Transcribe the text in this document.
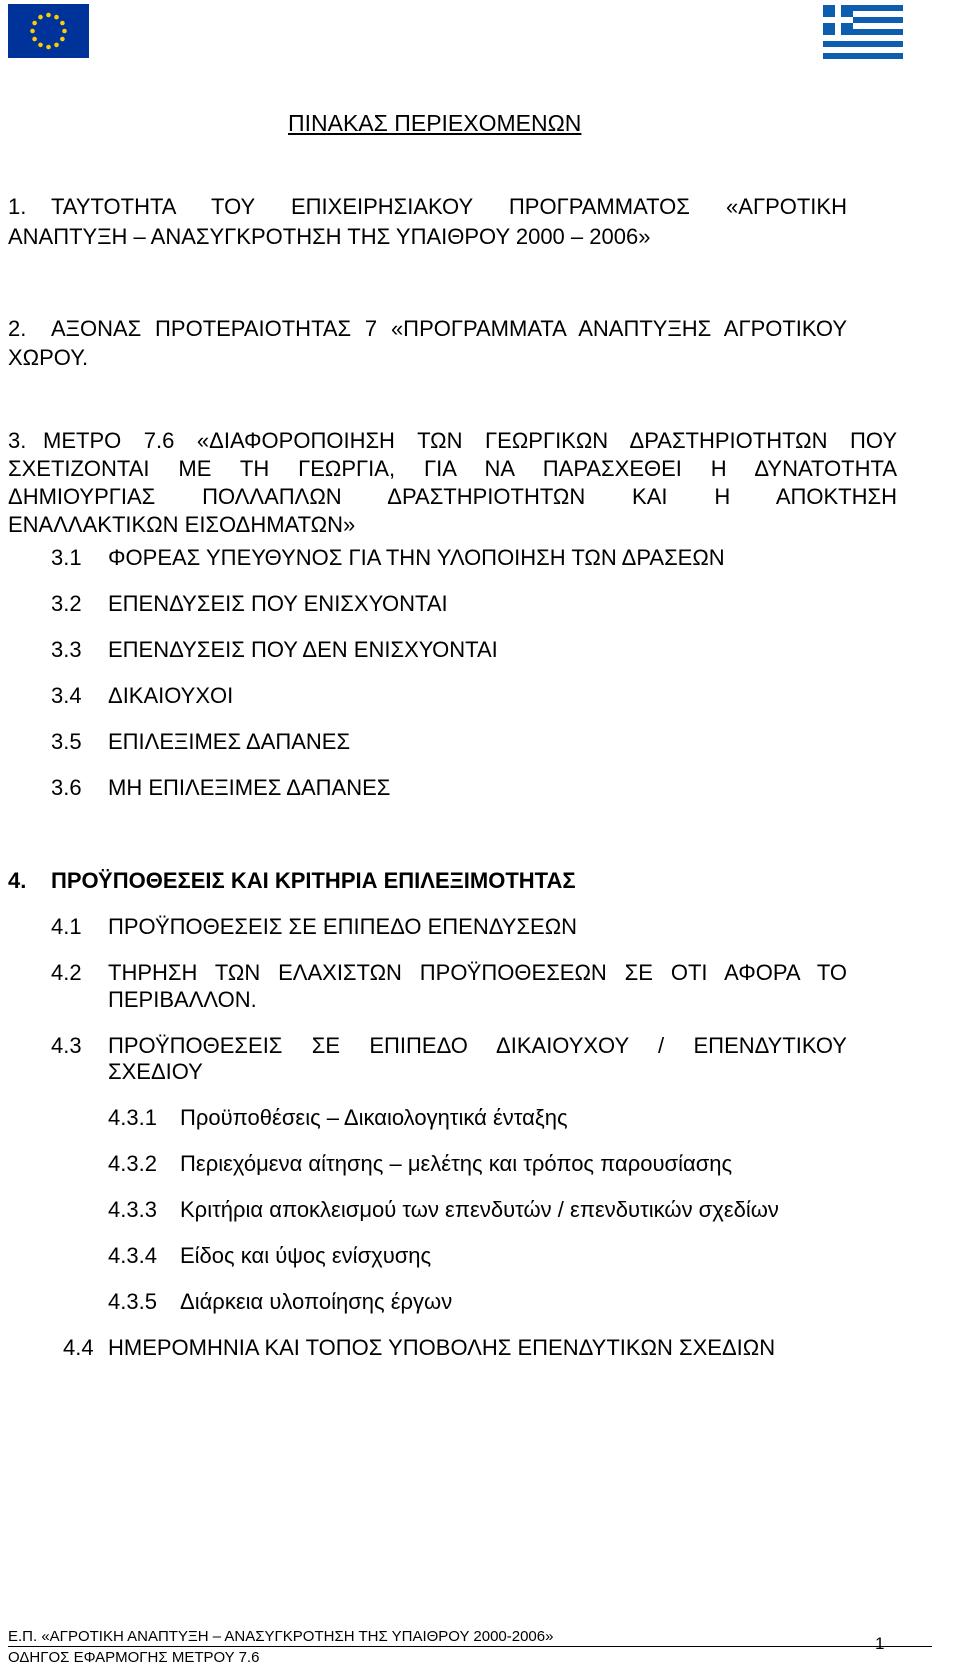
ΠΙΝΑΚΑΣ ΠΕΡΙΕΧΟΜΕΝΩΝ
1. ΤΑΥΤΟΤΗΤΑ ΤΟΥ ΕΠΙΧΕΙΡΗΣΙΑΚΟΥ ΠΡΟΓΡΑΜΜΑΤΟΣ «ΑΓΡΟΤΙΚΗ
ΑΝΑΠΤΥΞΗ – ΑΝΑΣΥΓΚΡΟΤΗΣΗ ΤΗΣ ΥΠΑΙΘΡΟΥ 2000 – 2006»
2. ΑΞΟΝΑΣ ΠΡΟΤΕΡΑΙΟΤΗΤΑΣ 7 «ΠΡΟΓΡΑΜΜΑΤΑ ΑΝΑΠΤΥΞΗΣ ΑΓΡΟΤΙΚΟΥ
ΧΩΡΟΥ.
3. ΜΕΤΡΟ 7.6 «ΔΙΑΦΟΡΟΠΟΙΗΣΗ ΤΩΝ ΓΕΩΡΓΙΚΩΝ ΔΡΑΣΤΗΡΙΟΤΗΤΩΝ ΠΟΥ
ΣΧΕΤΙΖΟΝΤΑΙ ΜΕ ΤΗ ΓΕΩΡΓΙΑ, ΓΙΑ ΝΑ ΠΑΡΑΣΧΕΘΕΙ Η ΔΥΝΑΤΟΤΗΤΑ
ΔΗΜΙΟΥΡΓΙΑΣ ΠΟΛΛΑΠΛΩΝ ΔΡΑΣΤΗΡΙΟΤΗΤΩΝ ΚΑΙ Η ΑΠΟΚΤΗΣΗ
ΕΝΑΛΛΑΚΤΙΚΩΝ ΕΙΣΟΔΗΜΑΤΩΝ»
3.1 ΦΟΡΕΑΣ ΥΠΕΥΘΥΝΟΣ ΓΙΑ ΤΗΝ ΥΛΟΠΟΙΗΣΗ ΤΩΝ ΔΡΑΣΕΩΝ
3.2 ΕΠΕΝΔΥΣΕΙΣ ΠΟΥ ΕΝΙΣΧΥΟΝΤΑΙ
3.3 ΕΠΕΝΔΥΣΕΙΣ ΠΟΥ ΔΕΝ ΕΝΙΣΧΥΟΝΤΑΙ
3.4 ΔΙΚΑΙΟΥΧΟΙ
3.5 ΕΠΙΛΕΞΙΜΕΣ ΔΑΠΑΝΕΣ
3.6 ΜΗ ΕΠΙΛΕΞΙΜΕΣ ΔΑΠΑΝΕΣ
4. ΠΡΟΫΠΟΘΕΣΕΙΣ ΚΑΙ ΚΡΙΤΗΡΙΑ ΕΠΙΛΕΞΙΜΟΤΗΤΑΣ
4.1 ΠΡΟΫΠΟΘΕΣΕΙΣ ΣΕ ΕΠΙΠΕΔΟ ΕΠΕΝΔΥΣΕΩΝ
4.2 ΤΗΡΗΣΗ ΤΩΝ ΕΛΑΧΙΣΤΩΝ ΠΡΟΫΠΟΘΕΣΕΩΝ ΣΕ ΟΤΙ ΑΦΟΡΑ ΤΟ
ΠΕΡΙΒΑΛΛΟΝ.
4.3 ΠΡΟΫΠΟΘΕΣΕΙΣ ΣΕ ΕΠΙΠΕΔΟ ΔΙΚΑΙΟΥΧΟΥ / ΕΠΕΝΔΥΤΙΚΟΥ
ΣΧΕΔΙΟΥ
4.3.1 Προϋποθέσεις – Δικαιολογητικά ένταξης
4.3.2 Περιεχόμενα αίτησης – μελέτης και τρόπος παρουσίασης
4.3.3 Κριτήρια αποκλεισμού των επενδυτών / επενδυτικών σχεδίων
4.3.4 Είδος και ύψος ενίσχυσης
4.3.5 Διάρκεια υλοποίησης έργων
4.4 ΗΜΕΡΟΜΗΝΙΑ ΚΑΙ ΤΟΠΟΣ ΥΠΟΒΟΛΗΣ ΕΠΕΝΔΥΤΙΚΩΝ ΣΧΕΔΙΩΝ
Ε.Π. «ΑΓΡΟΤΙΚΗ ΑΝΑΠΤΥΞΗ – ΑΝΑΣΥΓΚΡΟΤΗΣΗ ΤΗΣ ΥΠΑΙΘΡΟΥ 2000-2006»
ΟΔΗΓΟΣ ΕΦΑΡΜΟΓΗΣ ΜΕΤΡΟΥ 7.6
1
